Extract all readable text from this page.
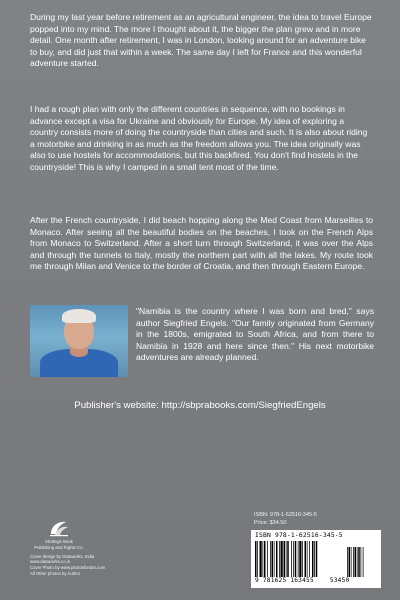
During my last year before retirement as an agricultural engineer, the idea to travel Europe popped into my mind. The more I thought about it, the bigger the plan grew and in more detail. One month after retirement, I was in London, looking around for an adventure bike to buy, and did just that within a week. The same day I left for France and this wonderful adventure started.

I had a rough plan with only the different countries in sequence, with no bookings in advance except a visa for Ukraine and obviously for Europe. My idea of exploring a country consists more of doing the countryside than cities and such. It is also about riding a motorbike and drinking in as much as the freedom allows you. The idea originally was also to use hostels for accommodations, but this backfired. You don't find hostels in the countryside! This is why I camped in a small tent most of the time.

After the French countryside, I did beach hopping along the Med Coast from Marseilles to Monaco. After seeing all the beautiful bodies on the beaches, I took on the French Alps from Monaco to Switzerland. After a short turn through Switzerland, it was over the Alps and through the tunnels to Italy, mostly the northern part with all the lakes. My route took me through Milan and Venice to the border of Croatia, and then through Eastern Europe.

"Namibia is the country where I was born and bred," says author Siegfried Engels. "Our family originated from Germany in the 1800s, emigrated to South Africa, and from there to Namibia in 1928 and here since then." His next motorbike adventures are already planned.

Publisher's website: http://sbprabooks.com/SiegfriedEngels

Strategic Book
Publishing and Rights Co.
Cover design by Dataworks, India
www.dataworks.co.in
Cover Photo by www.photosforsbn.com
All Other photos by Author
ISBN: 978-1-62516-345-5
Price: $34.50
ISBN 978-1-62516-345-5
9 781625 163455	53450
